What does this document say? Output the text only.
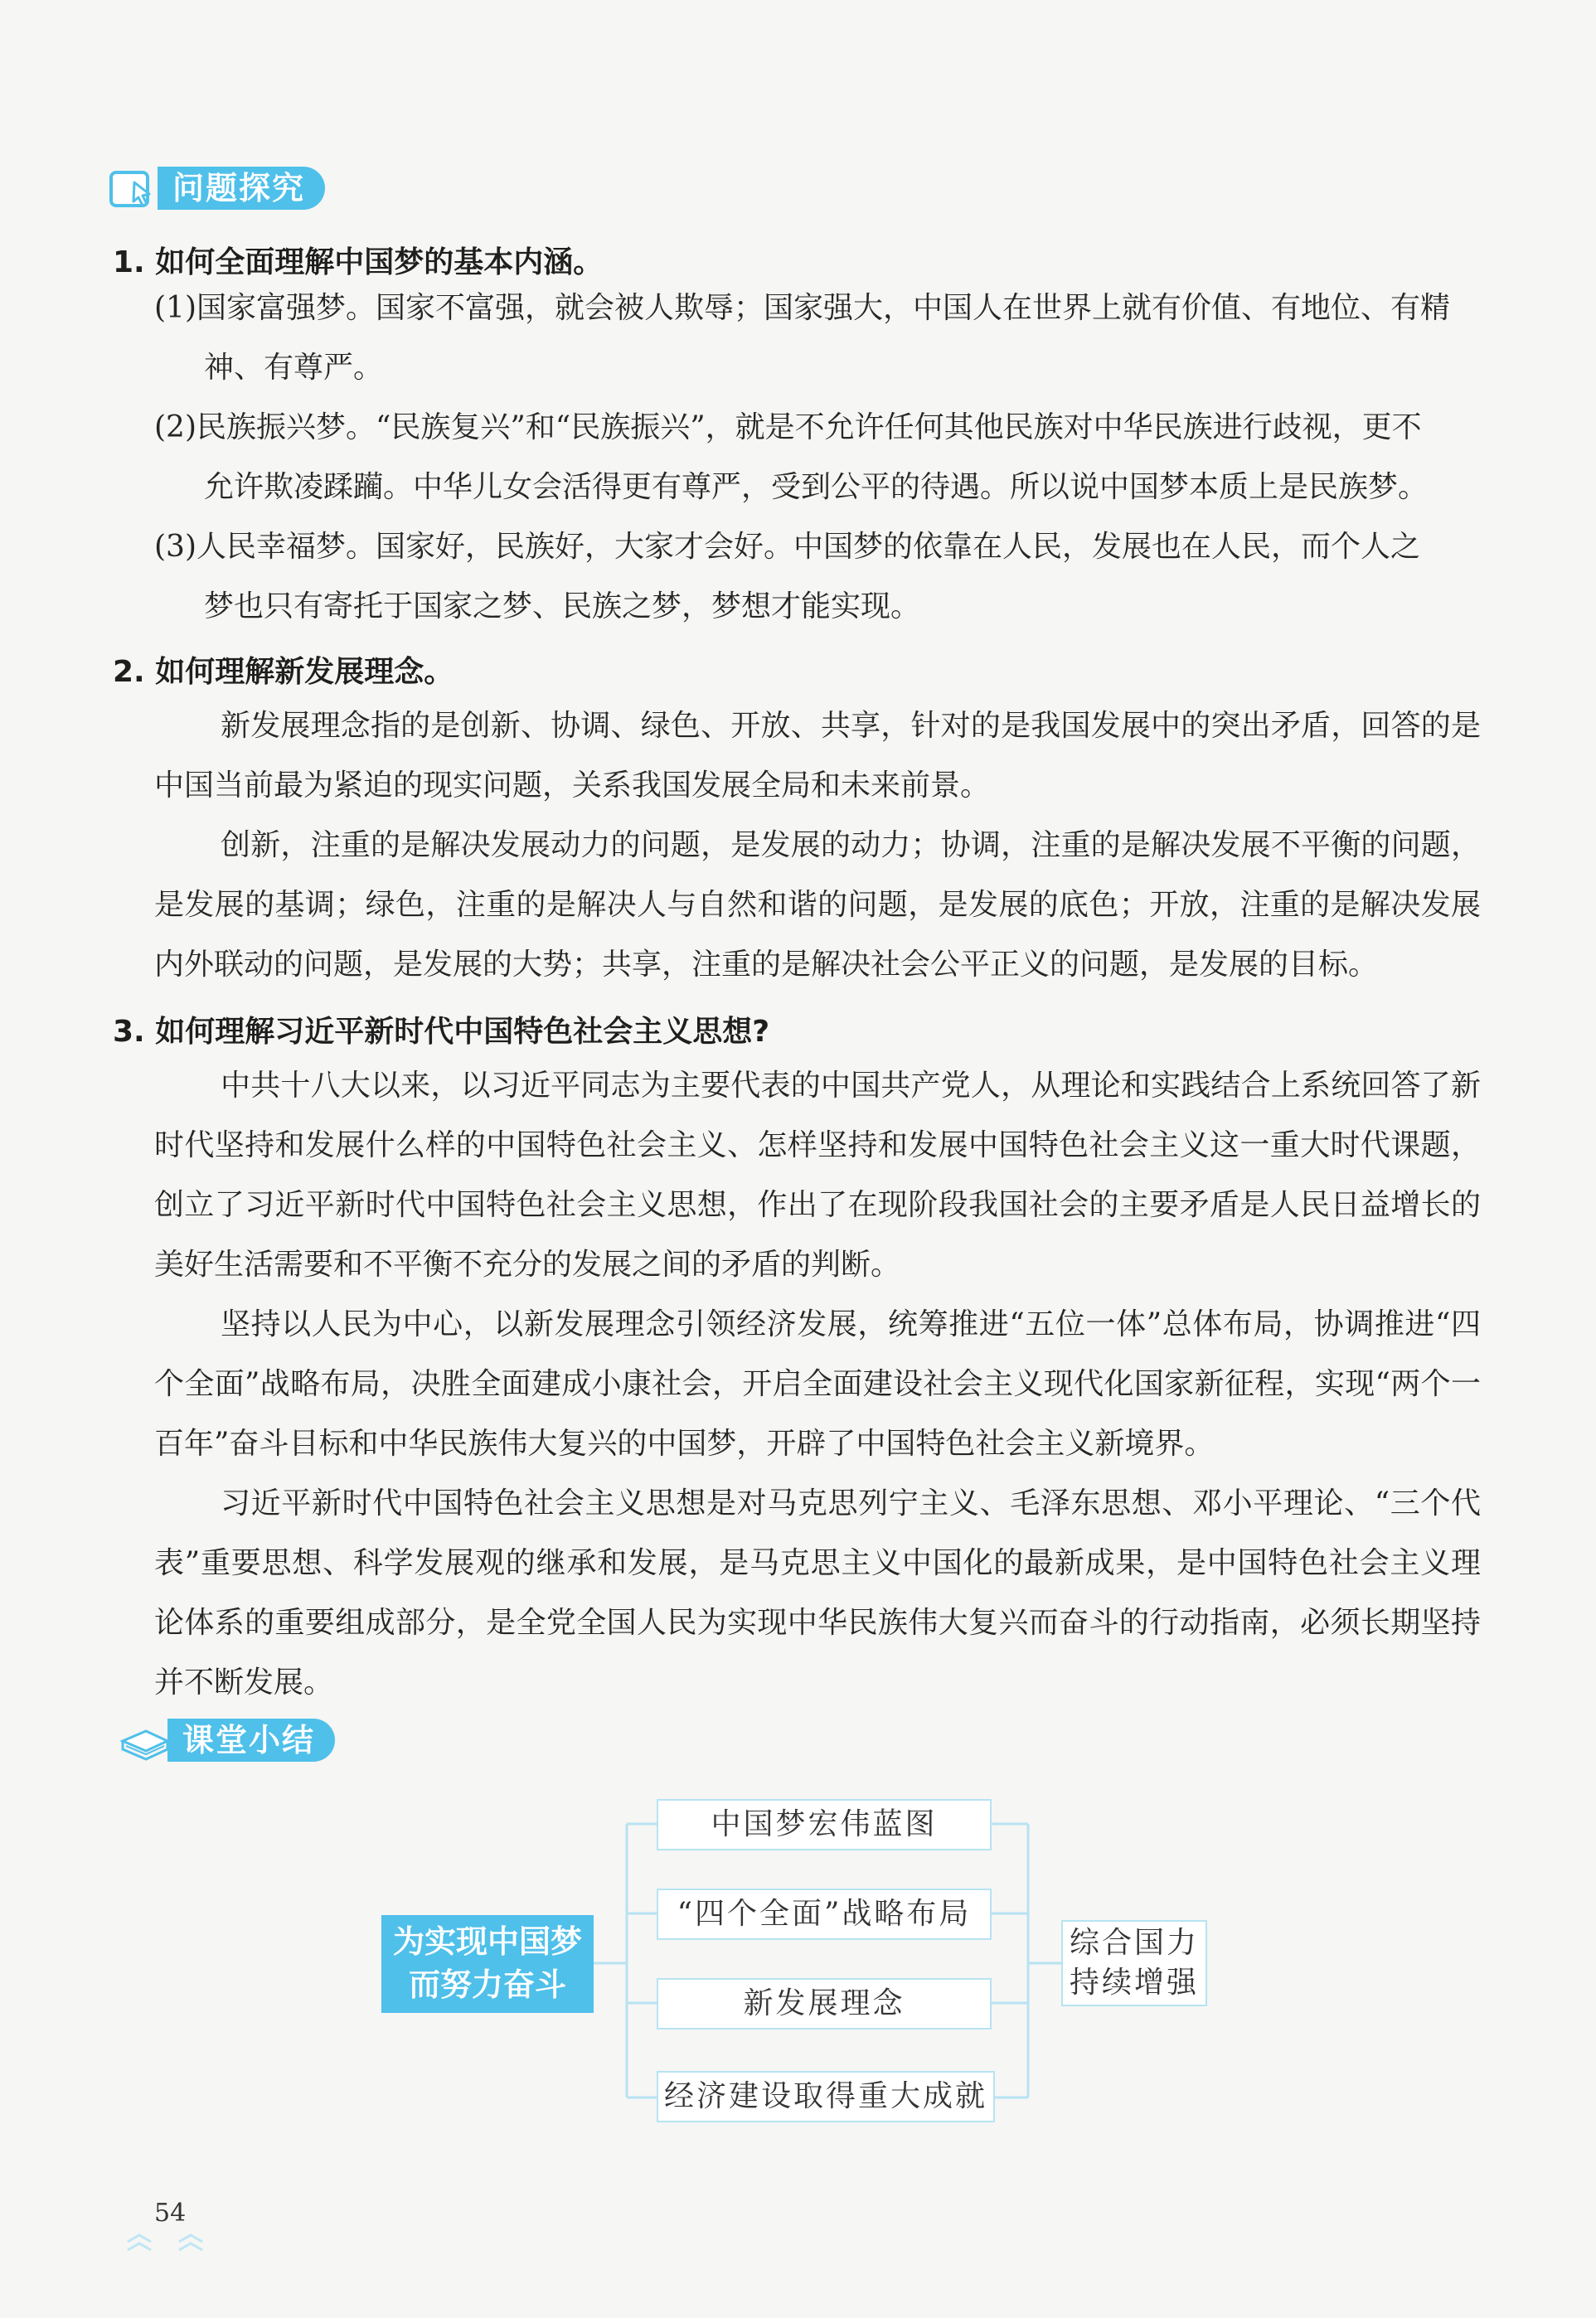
问题探究
1. 如何全面理解中国梦的基本内涵。
(1)国家富强梦。国家不富强，就会被人欺辱；国家强大，中国人在世界上就有价值、有地位、有精
神、有尊严。
(2)民族振兴梦。“民族复兴”和“民族振兴”，就是不允许任何其他民族对中华民族进行歧视，更不
允许欺凌蹂躏。中华儿女会活得更有尊严，受到公平的待遇。所以说中国梦本质上是民族梦。
(3)人民幸福梦。国家好，民族好，大家才会好。中国梦的依靠在人民，发展也在人民，而个人之
梦也只有寄托于国家之梦、民族之梦，梦想才能实现。
2. 如何理解新发展理念。
新发展理念指的是创新、协调、绿色、开放、共享，针对的是我国发展中的突出矛盾，回答的是中国当前最为紧迫的现实问题，关系我国发展全局和未来前景。
创新，注重的是解决发展动力的问题，是发展的动力；协调，注重的是解决发展不平衡的问题，是发展的基调；绿色，注重的是解决人与自然和谐的问题，是发展的底色；开放，注重的是解决发展内外联动的问题，是发展的大势；共享，注重的是解决社会公平正义的问题，是发展的目标。
3. 如何理解习近平新时代中国特色社会主义思想?
中共十八大以来，以习近平同志为主要代表的中国共产党人，从理论和实践结合上系统回答了新时代坚持和发展什么样的中国特色社会主义、怎样坚持和发展中国特色社会主义这一重大时代课题，创立了习近平新时代中国特色社会主义思想，作出了在现阶段我国社会的主要矛盾是人民日益增长的美好生活需要和不平衡不充分的发展之间的矛盾的判断。
坚持以人民为中心，以新发展理念引领经济发展，统筹推进“五位一体”总体布局，协调推进“四个全面”战略布局，决胜全面建成小康社会，开启全面建设社会主义现代化国家新征程，实现“两个一百年”奋斗目标和中华民族伟大复兴的中国梦，开辟了中国特色社会主义新境界。
习近平新时代中国特色社会主义思想是对马克思列宁主义、毛泽东思想、邓小平理论、“三个代表”重要思想、科学发展观的继承和发展，是马克思主义中国化的最新成果，是中国特色社会主义理论体系的重要组成部分，是全党全国人民为实现中华民族伟大复兴而奋斗的行动指南，必须长期坚持并不断发展。
课堂小结
为实现中国梦
而努力奋斗
中国梦宏伟蓝图
“四个全面”战略布局
新发展理念
经济建设取得重大成就
综合国力
持续增强
54
